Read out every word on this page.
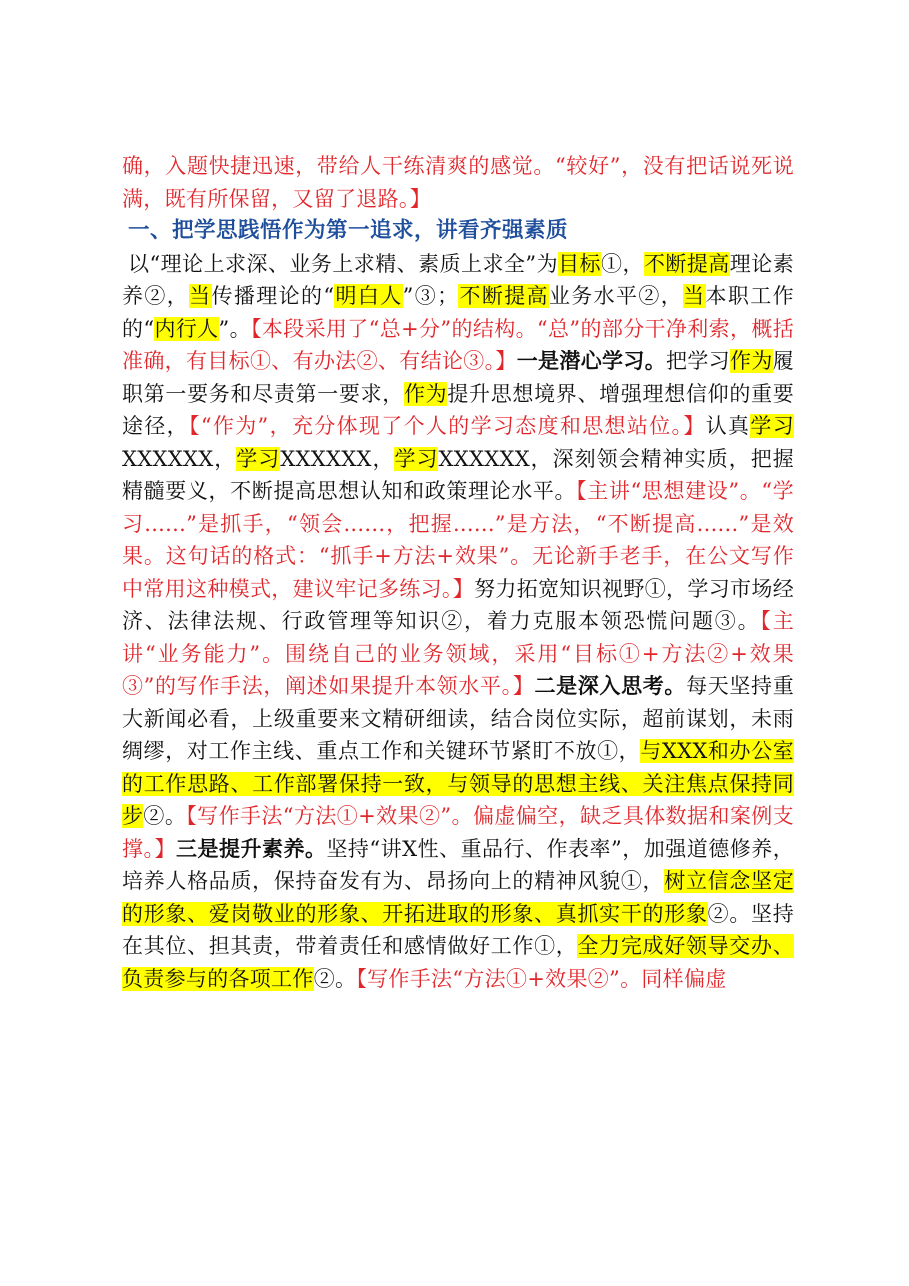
确，入题快捷迅速，带给人干练清爽的感觉。“较好”，没有把话说死说满，既有所保留，又留了退路。】

一、把学思践悟作为第一追求，讲看齐强素质

以“理论上求深、业务上求精、素质上求全”为目标①，不断提高理论素养②，当传播理论的“明白人”③；不断提高业务水平②，当本职工作的“内行人”。【本段采用了“总+分”的结构。“总”的部分干净利索，概括准确，有目标①、有办法②、有结论③。】一是潜心学习。把学习作为履职第一要务和尽责第一要求，作为提升思想境界、增强理想信仰的重要途径，【“作为”，充分体现了个人的学习态度和思想站位。】认真学习XXXXXX，学习XXXXXX，学习XXXXXX，深刻领会精神实质，把握精髓要义，不断提高思想认知和政策理论水平。【主讲“思想建设”。“学习......”是抓手，“领会......，把握......”是方法，“不断提高......”是效果。这句话的格式：“抓手+方法+效果”。无论新手老手，在公文写作中常用这种模式，建议牢记多练习。】努力拓宽知识视野①，学习市场经济、法律法规、行政管理等知识②，着力克服本领恐慌问题③。【主讲“业务能力”。围绕自己的业务领域，采用“目标①+方法②+效果③”的写作手法，阐述如果提升本领水平。】二是深入思考。每天坚持重大新闻必看，上级重要来文精研细读，结合岗位实际，超前谋划，未雨绸缪，对工作主线、重点工作和关键环节紧盯不放①，与XXX和办公室的工作思路、工作部署保持一致，与领导的思想主线、关注焦点保持同步②。【写作手法“方法①+效果②”。偏虚偏空，缺乏具体数据和案例支撑。】三是提升素养。坚持“讲X性、重品行、作表率”，加强道德修养，培养人格品质，保持奋发有为、昂扬向上的精神风貌①，树立信念坚定的形象、爱岗敬业的形象、开拓进取的形象、真抓实干的形象②。坚持在其位、担其责，带着责任和感情做好工作①，全力完成好领导交办、负责参与的各项工作②。【写作手法“方法①+效果②”。同样偏虚
